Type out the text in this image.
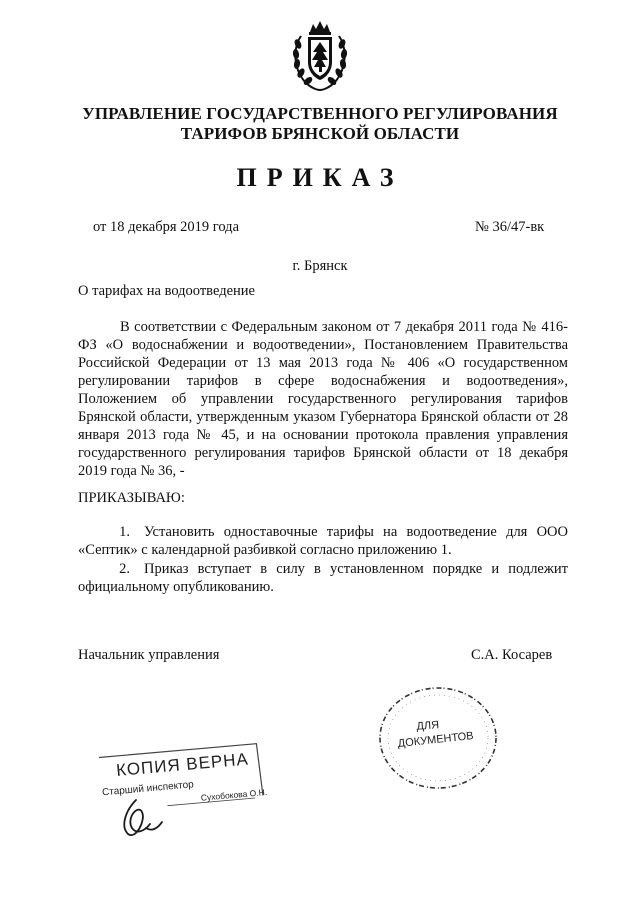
УПРАВЛЕНИЕ ГОСУДАРСТВЕННОГО РЕГУЛИРОВАНИЯ
ТАРИФОВ БРЯНСКОЙ ОБЛАСТИ
ПРИКАЗ
от 18 декабря 2019 года	№ 36/47-вк
г. Брянск
О тарифах на водоотведение

В соответствии с Федеральным законом от 7 декабря 2011 года № 416-ФЗ «О водоснабжении и водоотведении», Постановлением Правительства Российской Федерации от 13 мая 2013 года № 406 «О государственном регулировании тарифов в сфере водоснабжения и водоотведения», Положением об управлении государственного регулирования тарифов Брянской области, утвержденным указом Губернатора Брянской области от 28 января 2013 года № 45, и на основании протокола правления управления государственного регулирования тарифов Брянской области от 18 декабря 2019 года № 36, -

ПРИКАЗЫВАЮ:

1. Установить одноставочные тарифы на водоотведение для ООО «Септик» с календарной разбивкой согласно приложению 1.

2. Приказ вступает в силу в установленном порядке и подлежит официальному опубликованию.

Начальник управления	С.А. Косарев
ДЛЯ
ДОКУМЕНТОВ
КОПИЯ ВЕРНА
Старший инспектор Сухобокова О.Н.
